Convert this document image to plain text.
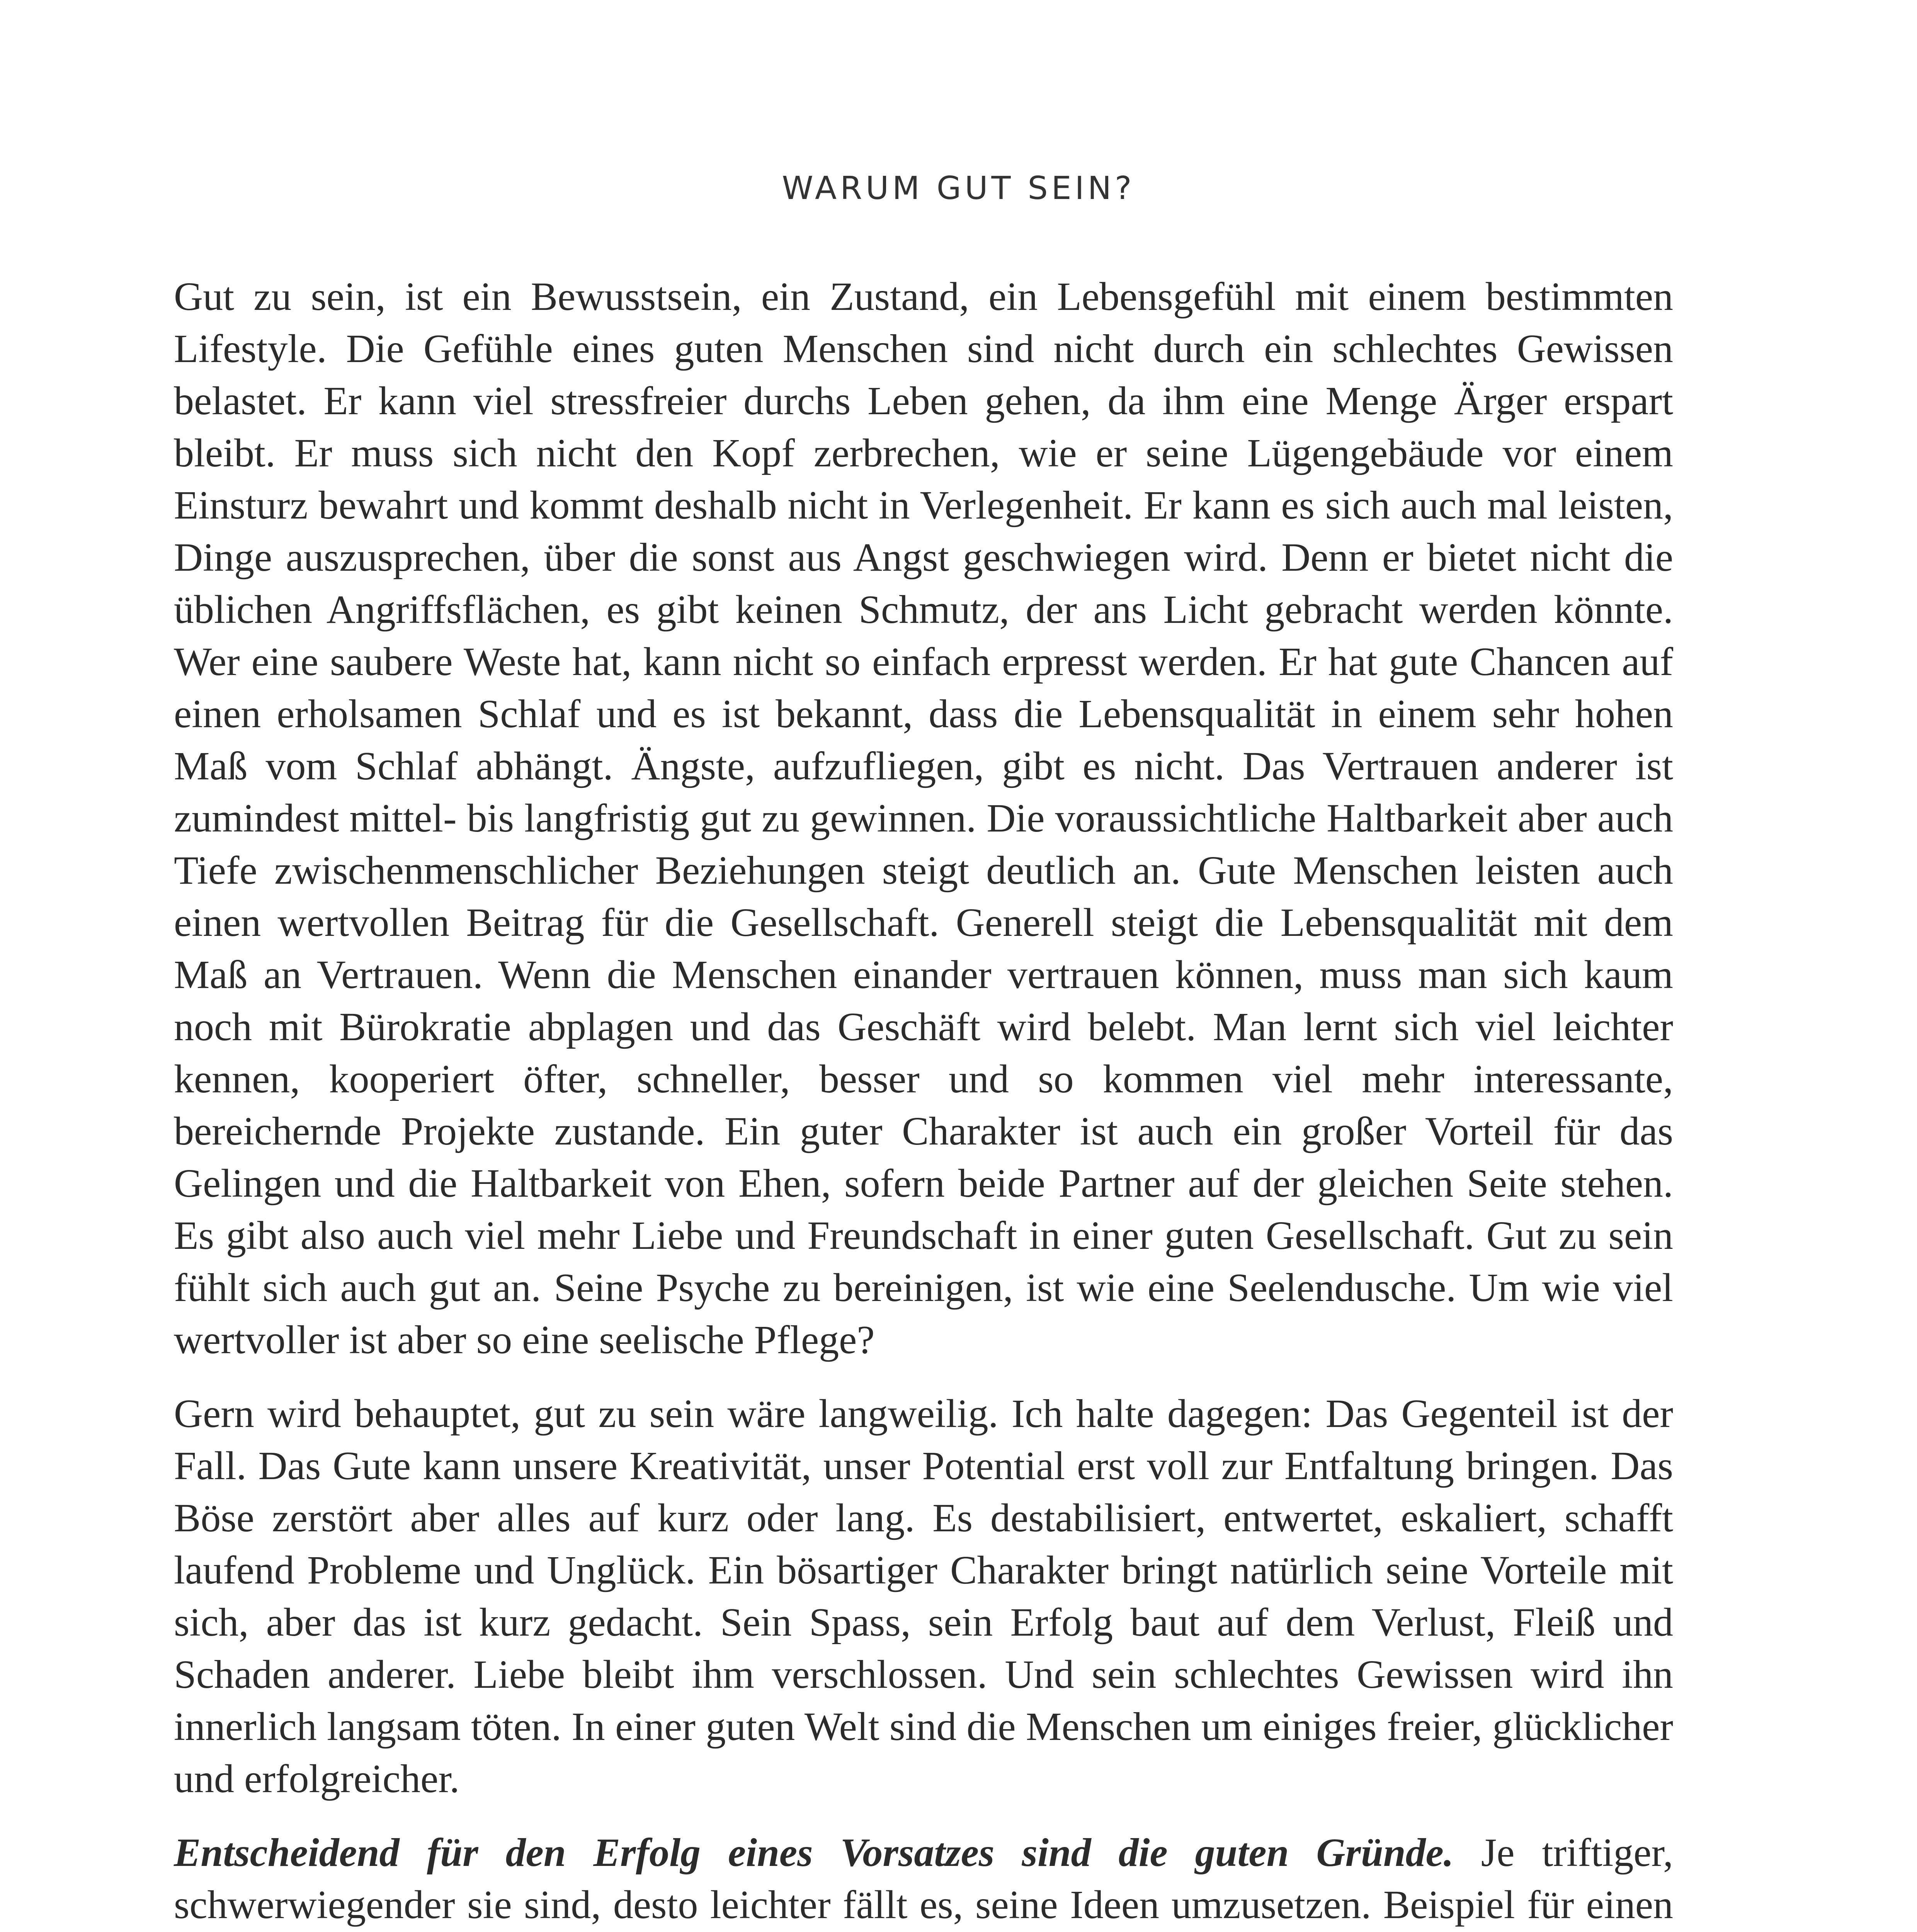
WARUM GUT SEIN?

Gut zu sein, ist ein Bewusstsein, ein Zustand, ein Lebensgefühl mit einem bestimmten Lifestyle. Die Gefühle eines guten Menschen sind nicht durch ein schlechtes Gewissen belastet. Er kann viel stressfreier durchs Leben gehen, da ihm eine Menge Ärger erspart bleibt. Er muss sich nicht den Kopf zerbrechen, wie er seine Lügengebäude vor einem Einsturz bewahrt und kommt deshalb nicht in Verlegenheit. Er kann es sich auch mal leisten, Dinge auszusprechen, über die sonst aus Angst geschwiegen wird. Denn er bietet nicht die üblichen Angriffsflächen, es gibt keinen Schmutz, der ans Licht gebracht werden könnte. Wer eine saubere Weste hat, kann nicht so einfach erpresst werden. Er hat gute Chancen auf einen erholsamen Schlaf und es ist bekannt, dass die Lebensqualität in einem sehr hohen Maß vom Schlaf abhängt. Ängste, aufzufliegen, gibt es nicht. Das Vertrauen anderer ist zumindest mittel- bis langfristig gut zu gewinnen. Die voraussichtliche Haltbarkeit aber auch Tiefe zwischenmenschlicher Beziehungen steigt deutlich an. Gute Menschen leisten auch einen wertvollen Beitrag für die Gesellschaft. Generell steigt die Lebensqualität mit dem Maß an Vertrauen. Wenn die Menschen einander vertrauen können, muss man sich kaum noch mit Bürokratie abplagen und das Geschäft wird belebt. Man lernt sich viel leichter kennen, kooperiert öfter, schneller, besser und so kommen viel mehr interessante, bereichernde Projekte zustande. Ein guter Charakter ist auch ein großer Vorteil für das Gelingen und die Haltbarkeit von Ehen, sofern beide Partner auf der gleichen Seite stehen. Es gibt also auch viel mehr Liebe und Freundschaft in einer guten Gesellschaft. Gut zu sein fühlt sich auch gut an. Seine Psyche zu bereinigen, ist wie eine Seelendusche. Um wie viel wertvoller ist aber so eine seelische Pflege?

Gern wird behauptet, gut zu sein wäre langweilig. Ich halte dagegen: Das Gegenteil ist der Fall. Das Gute kann unsere Kreativität, unser Potential erst voll zur Entfaltung bringen. Das Böse zerstört aber alles auf kurz oder lang. Es destabilisiert, entwertet, eskaliert, schafft laufend Probleme und Unglück. Ein bösartiger Charakter bringt natürlich seine Vorteile mit sich, aber das ist kurz gedacht. Sein Spass, sein Erfolg baut auf dem Verlust, Fleiß und Schaden anderer. Liebe bleibt ihm verschlossen. Und sein schlechtes Gewissen wird ihn innerlich langsam töten. In einer guten Welt sind die Menschen um einiges freier, glücklicher und erfolgreicher.

Entscheidend für den Erfolg eines Vorsatzes sind die guten Gründe. Je triftiger, schwerwiegender sie sind, desto leichter fällt es, seine Ideen umzusetzen. Beispiel für einen
